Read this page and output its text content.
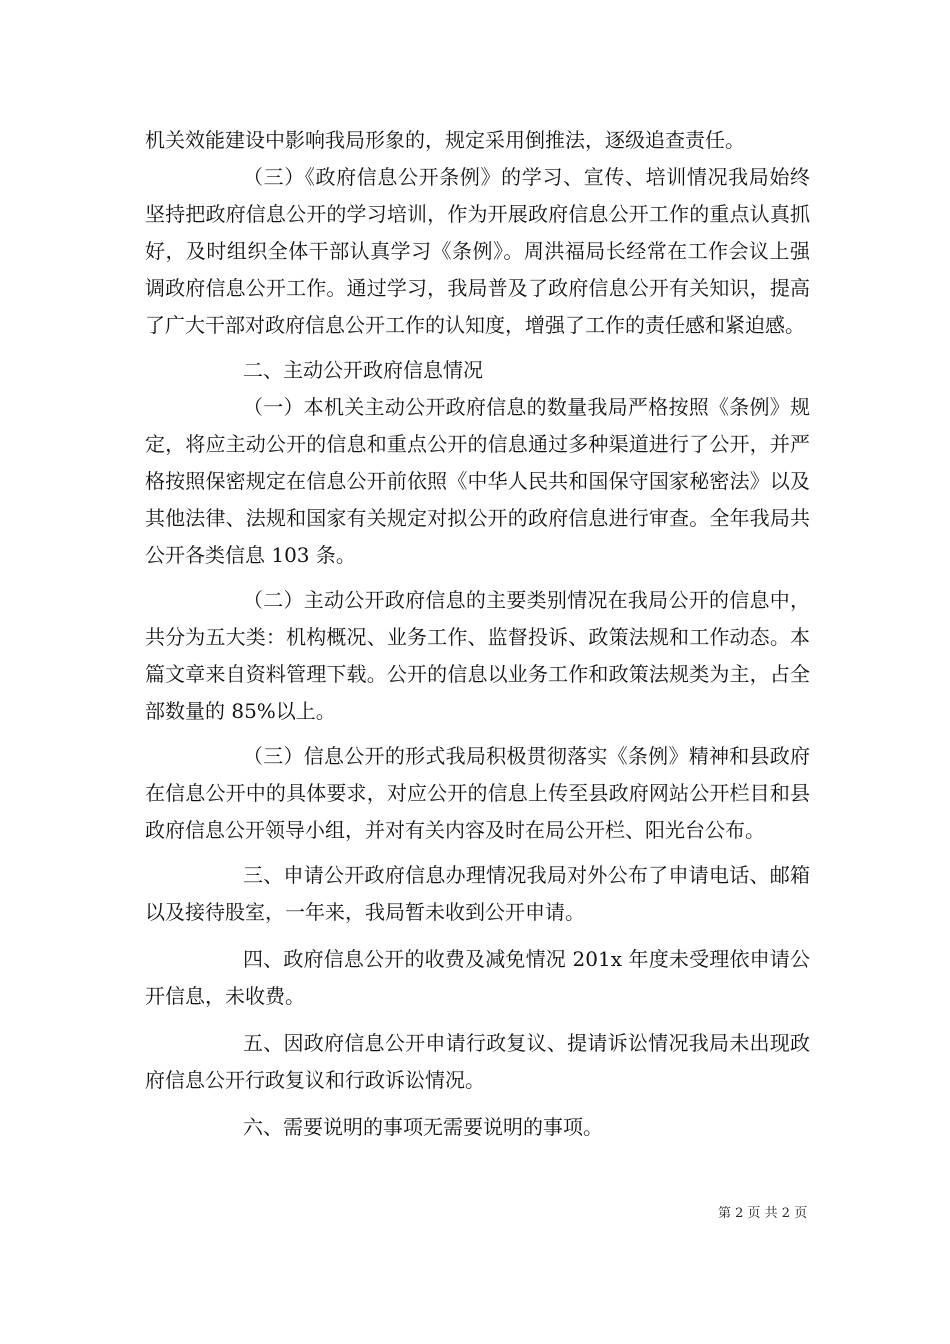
机关效能建设中影响我局形象的，规定采用倒推法，逐级追查责任。

（三）《政府信息公开条例》的学习、宣传、培训情况我局始终坚持把政府信息公开的学习培训，作为开展政府信息公开工作的重点认真抓好，及时组织全体干部认真学习《条例》。周洪福局长经常在工作会议上强调政府信息公开工作。通过学习，我局普及了政府信息公开有关知识，提高了广大干部对政府信息公开工作的认知度，增强了工作的责任感和紧迫感。

二、主动公开政府信息情况

（一）本机关主动公开政府信息的数量我局严格按照《条例》规定，将应主动公开的信息和重点公开的信息通过多种渠道进行了公开，并严格按照保密规定在信息公开前依照《中华人民共和国保守国家秘密法》以及其他法律、法规和国家有关规定对拟公开的政府信息进行审查。全年我局共公开各类信息 103 条。

（二）主动公开政府信息的主要类别情况在我局公开的信息中，共分为五大类：机构概况、业务工作、监督投诉、政策法规和工作动态。本篇文章来自资料管理下载。公开的信息以业务工作和政策法规类为主，占全部数量的 85%以上。

（三）信息公开的形式我局积极贯彻落实《条例》精神和县政府在信息公开中的具体要求，对应公开的信息上传至县政府网站公开栏目和县政府信息公开领导小组，并对有关内容及时在局公开栏、阳光台公布。

三、申请公开政府信息办理情况我局对外公布了申请电话、邮箱以及接待股室，一年来，我局暂未收到公开申请。

四、政府信息公开的收费及减免情况 201x 年度未受理依申请公开信息，未收费。

五、因政府信息公开申请行政复议、提请诉讼情况我局未出现政府信息公开行政复议和行政诉讼情况。

六、需要说明的事项无需要说明的事项。

第 2 页 共 2 页
